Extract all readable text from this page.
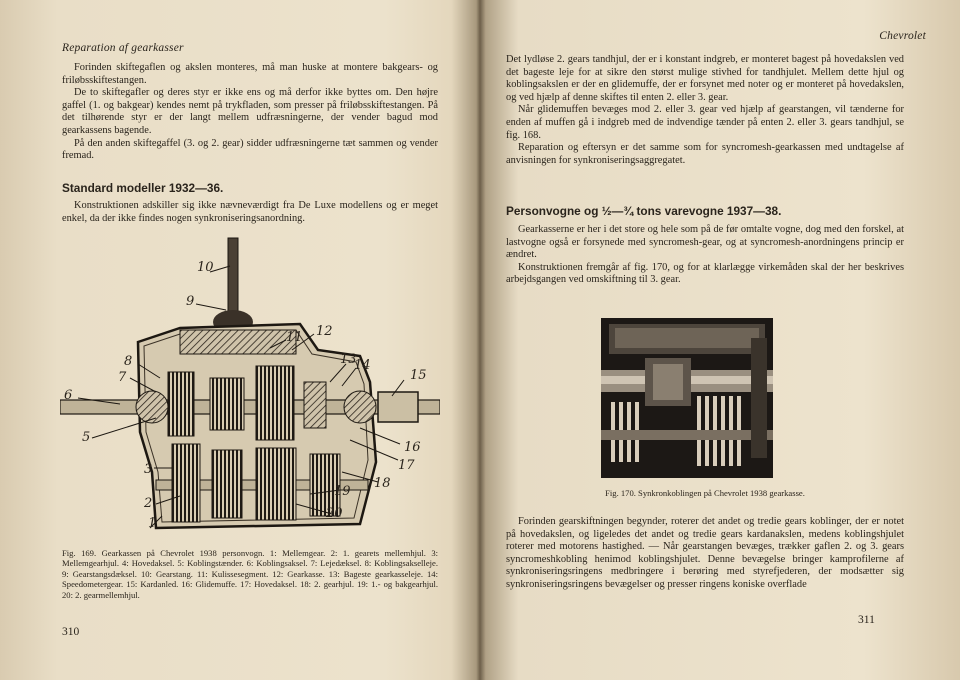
Reparation af gearkasser

Forinden skiftegaflen og akslen monteres, må man huske at montere bakgears- og friløbsskiftestangen.

De to skiftegafler og deres styr er ikke ens og må derfor ikke byttes om. Den højre gaffel (1. og bakgear) kendes nemt på trykfladen, som presser på friløbsskiftestangen. På det tilhørende styr er der langt mellem udfræsningerne, der vender bagud mod gearkassens bagende.

På den anden skiftegaffel (3. og 2. gear) sidder udfræsningerne tæt sammen og vender fremad.

Standard modeller 1932—36.

Konstruktionen adskiller sig ikke nævneværdigt fra De Luxe modellens og er meget enkel, da der ikke findes nogen synkroniseringsanordning.

10
9
11 12
8
7
13
14
15
6
5
16
17
3
18
19
2
20
1
Fig. 169. Gearkassen på Chevrolet 1938 personvogn. 1: Mellemgear. 2: 1. gearets mellemhjul. 3: Mellemgearhjul. 4: Hovedaksel. 5: Koblingstænder. 6: Koblingsaksel. 7: Lejedæksel. 8: Koblingsakselleje. 9: Gearstangsdæksel. 10: Gearstang. 11: Kulissesegment. 12: Gearkasse. 13: Bageste gearkasseleje. 14: Speedometergear. 15: Kardanled. 16: Glidemuffe. 17: Hovedaksel. 18: 2. gearhjul. 19: 1.- og bakgearhjul. 20: 2. gearmellemhjul.
310
Chevrolet

Det lydløse 2. gears tandhjul, der er i konstant indgreb, er monteret bagest på hovedakslen ved det bageste leje for at sikre den størst mulige stivhed for tandhjulet. Mellem dette hjul og koblingsakslen er der en glidemuffe, der er forsynet med noter og er monteret på hovedakslen, og ved hjælp af denne skiftes til enten 2. eller 3. gear.

Når glidemuffen bevæges mod 2. eller 3. gear ved hjælp af gearstangen, vil tænderne for enden af muffen gå i indgreb med de indvendige tænder på enten 2. eller 3. gears tandhjul, se fig. 168.

Reparation og eftersyn er det samme som for syncromesh-gearkassen med undtagelse af anvisningen for synkroniseringsaggregatet.

Personvogne og ½—¾ tons varevogne 1937—38.

Gearkasserne er her i det store og hele som på de før omtalte vogne, dog med den forskel, at lastvogne også er forsynede med syncromesh-gear, og at syncromesh-anordningens princip er ændret.

Konstruktionen fremgår af fig. 170, og for at klarlægge virkemåden skal der her beskrives arbejdsgangen ved omskiftning til 3. gear.

Fig. 170. Synkronkoblingen på Chevrolet 1938 gearkasse.

Forinden gearskiftningen begynder, roterer det andet og tredie gears koblinger, der er notet på hovedakslen, og ligeledes det andet og tredie gears kardanakslen, medens koblingshjulet roterer med motorens hastighed. — Når gearstangen bevæges, trækker gaflen 2. og 3. gears syncromeshkobling henimod koblingshjulet. Denne bevægelse bringer kamprofilerne af synkroniseringsringens medbringere i berøring med styrefjederen, der modsætter sig synkroniseringsringens bevægelser og presser ringens koniske overflade

311
